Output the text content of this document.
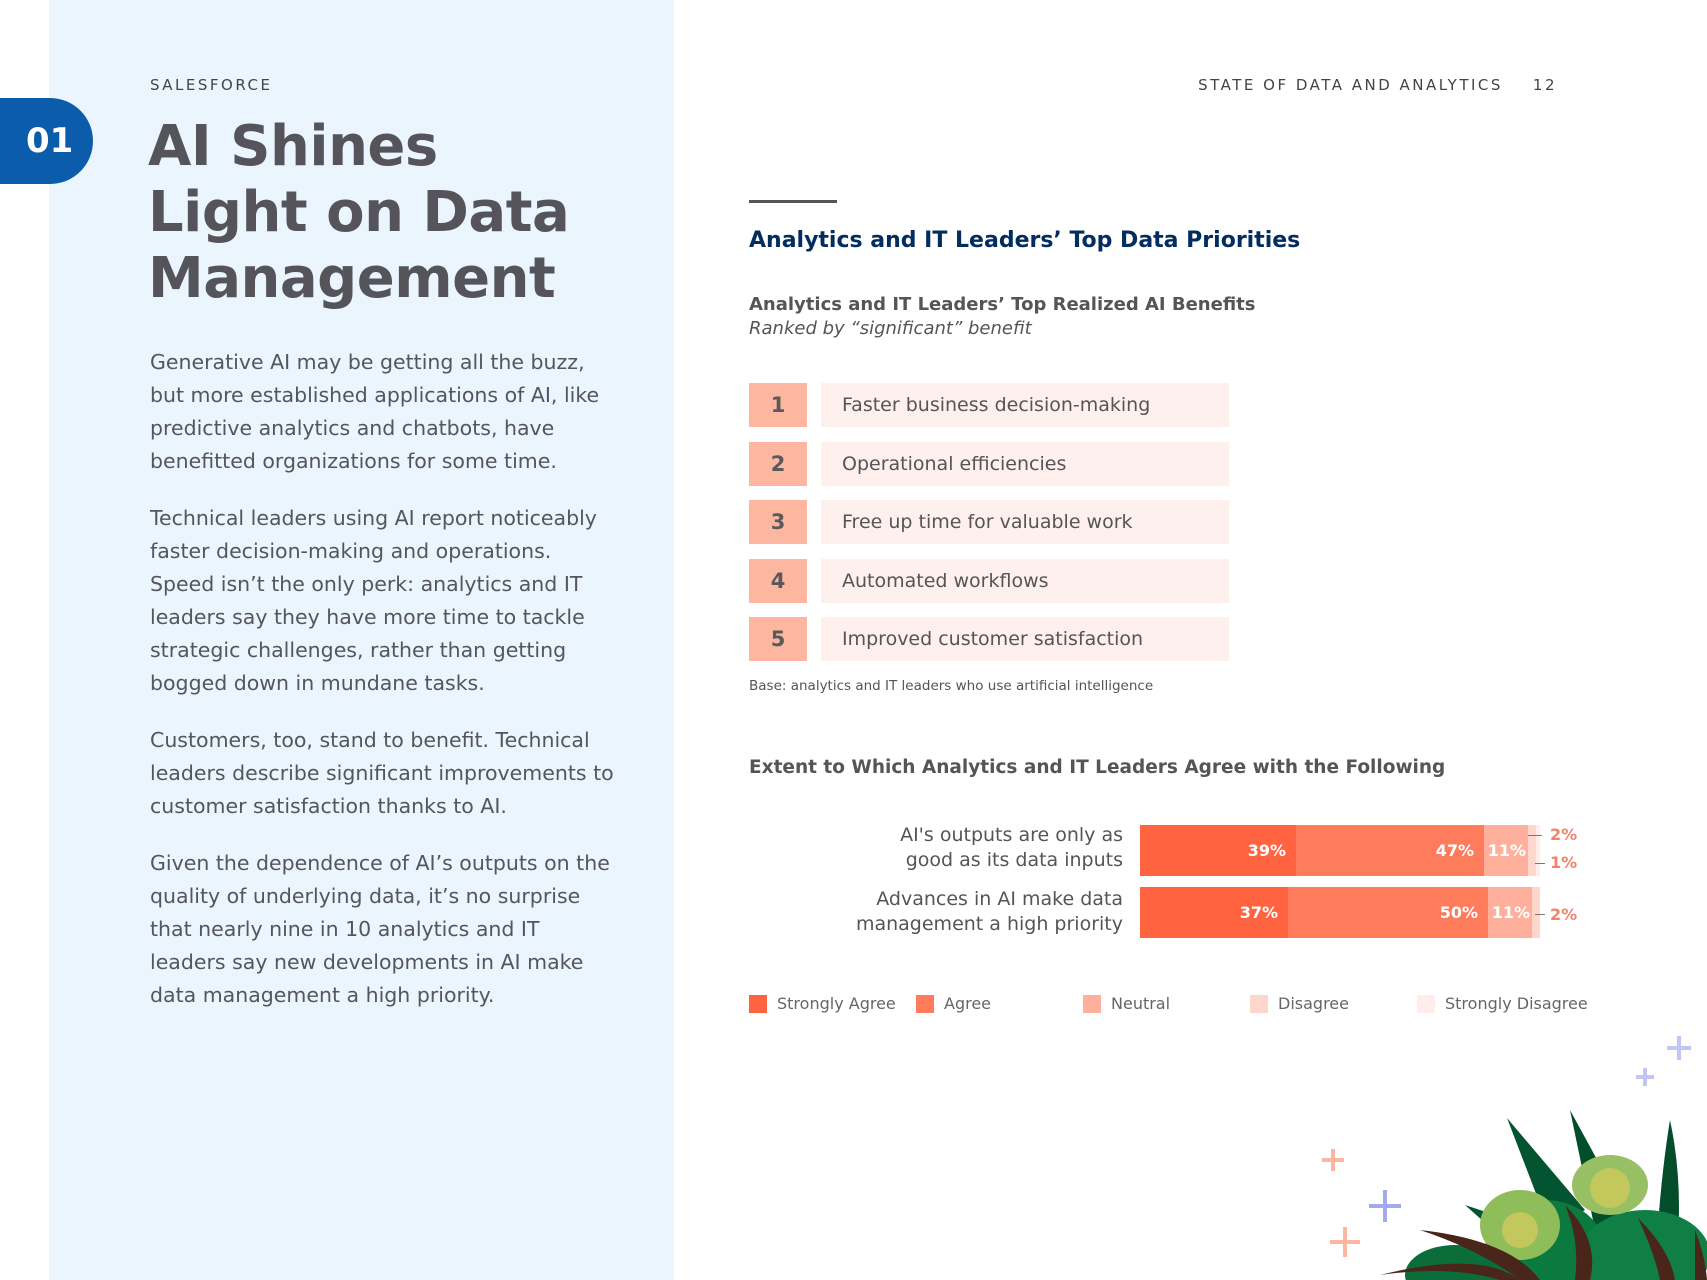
01
SALESFORCE
AI Shines
Light on Data
Management

Generative AI may be getting all the buzz, but more established applications of AI, like predictive analytics and chatbots, have benefitted organizations for some time.

Technical leaders using AI report noticeably faster decision-making and operations. Speed isn’t the only perk: analytics and IT leaders say they have more time to tackle strategic challenges, rather than getting bogged down in mundane tasks.

Customers, too, stand to benefit. Technical leaders describe significant improvements to customer satisfaction thanks to AI.

Given the dependence of AI’s outputs on the quality of underlying data, it’s no surprise that nearly nine in 10 analytics and IT leaders say new developments in AI make data management a high priority.

STATE OF DATA AND ANALYTICS 12
Analytics and IT Leaders’ Top Data Priorities
Analytics and IT Leaders’ Top Realized AI Benefits
Ranked by “significant” benefit
1	Faster business decision-making
2	Operational efficiencies
3	Free up time for valuable work
4	Automated workflows
5	Improved customer satisfaction
Base: analytics and IT leaders who use artificial intelligence
Extent to Which Analytics and IT Leaders Agree with the Following
AI's outputs are only as
good as its data inputs
Advances in AI make data
management a high priority
39%	47% 11%
37%	50% 11%
2%
1%
2%
Strongly Agree	Agree	Neutral	Disagree	Strongly Disagree
